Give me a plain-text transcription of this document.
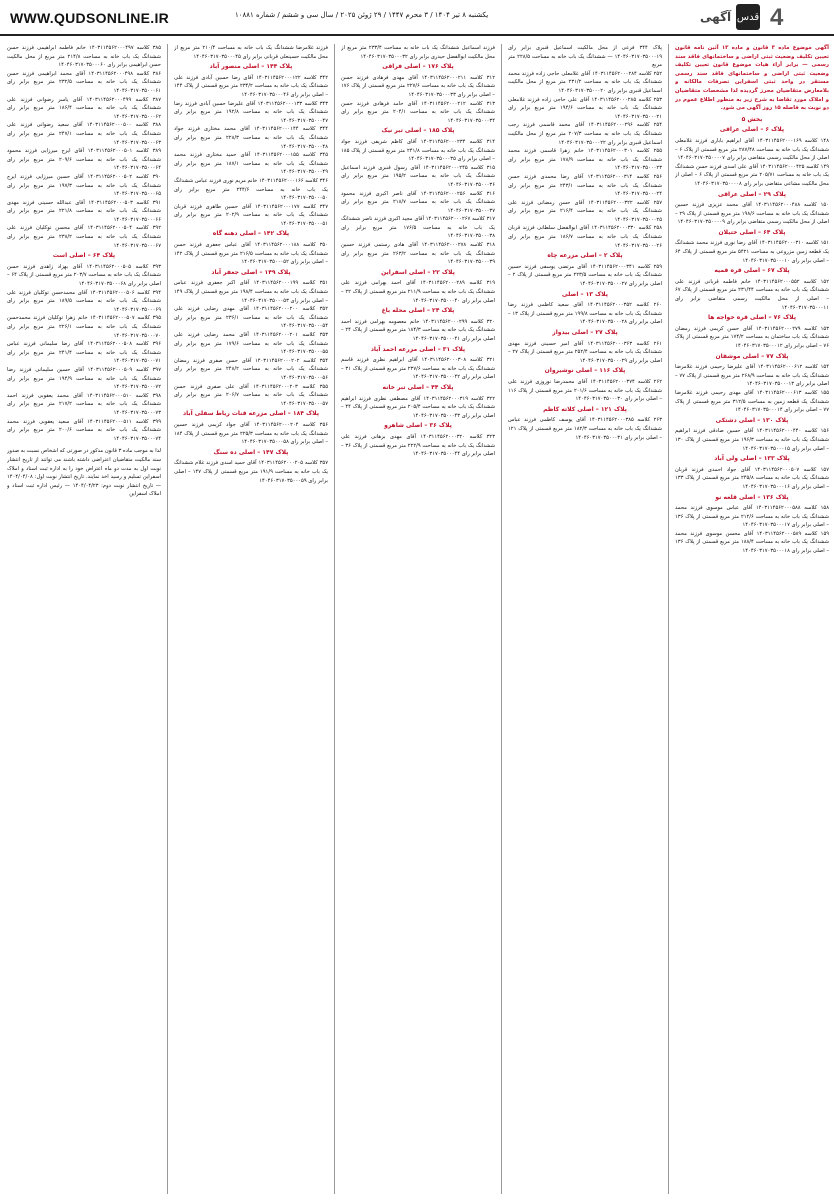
WWW.QUDSONLINE.IR	یکشنبه ۸ تیر ۱۴۰۴ / ۳ محرم ۱۴۴۷ / ۲۹ ژوئن ۲۰۲۵ / سال سی و ششم / شماره ۱۰۸۸۱	آگهی قدس 4
آگهی موضوع ماده ۳ قانون و ماده ۱۳ آئین نامه قانون تعیین تکلیف وضعیت ثبتی اراضی و ساختمانهای فاقد سند رسمی — برابر آراء هیات موضوع قانون تعیین تکلیف وضعیت ثبتی اراضی و ساختمانهای فاقد سند رسمی مستقر در واحد ثبتی اسفراین تصرفات مالکانه و بلامعارض متقاضیان محرز گردیده لذا مشخصات متقاضیان و املاک مورد تقاضا به شرح زیر به منظور اطلاع عموم در دو نوبت به فاصله ۱۵ روز آگهی می شود.

بخش ۵

پلاک ۶ – اصلی عراقی

۱۴۸ کلاسه ۱۴۰۳۱۱۴۵۶۲۰۰۰۱۶۹ آقای ابراهیم باباری فرزند غلامعلی ششدانگ یک باب خانه به مساحت ۲۸۷/۴۸ متر مربع قسمتی از پلاک ۶ – اصلی از محل مالکیت رسمی متقاضی برابر رای ۱۴۰۴۶۰۳۱۷۰۳۵۰۰۰۰۷

۱۴۹ کلاسه ۱۴۰۳۱۱۴۵۶۲۰۰۰۴۲۵ آقای علی اسدی فرزند حسن ششدانگ یک باب خانه به مساحت ۲۰۵/۷۱ متر مربع قسمتی از پلاک ۶ – اصلی از محل مالکیت مشاعی متقاضی برابر رای ۱۴۰۴۶۰۳۱۷۰۳۵۰۰۰۰۸

پلاک ۲۹ – اصلی عراقی

۱۵۰ کلاسه ۱۴۰۳۱۱۴۵۶۲۰۰۰۴۸۸ آقای محمد عزیزی فرزند حسین ششدانگ یک باب خانه به مساحت ۱۹۸/۶ متر مربع قسمتی از پلاک ۲۹ – اصلی از محل مالکیت رسمی متقاضی برابر رای ۱۴۰۴۶۰۳۱۷۰۳۵۰۰۰۰۹

پلاک ۶۴ – اصلی ختیلان

۱۵۱ کلاسه ۱۴۰۳۱۱۴۵۶۲۰۰۰۳۱۰ آقای رضا نوری فرزند محمد ششدانگ یک قطعه زمین مزروعی به مساحت ۵۴۲۱ متر مربع قسمتی از پلاک ۶۴ – اصلی برابر رای ۱۴۰۴۶۰۳۱۷۰۳۵۰۰۰۱۰

پلاک ۶۷ – اصلی قره قمیه

۱۵۲ کلاسه ۱۴۰۳۱۱۴۵۶۲۰۰۰۵۵۲ خانم فاطمه قربانی فرزند علی ششدانگ یک باب خانه به مساحت ۲۳۱/۴۴ متر مربع قسمتی از پلاک ۶۷ – اصلی از محل مالکیت رسمی متقاضی برابر رای ۱۴۰۴۶۰۳۱۷۰۳۵۰۰۰۱۱

پلاک ۷۶ – اصلی قره خواجه ها

۱۵۳ کلاسه ۱۴۰۳۱۱۴۵۶۲۰۰۰۲۷۹ آقای حسن کریمی فرزند رمضان ششدانگ یک باب ساختمان به مساحت ۱۷۴/۲ متر مربع قسمتی از پلاک ۷۶ – اصلی برابر رای ۱۴۰۴۶۰۳۱۷۰۳۵۰۰۰۱۲

پلاک ۷۷ – اصلی موشقان

۱۵۴ کلاسه ۱۴۰۳۱۱۴۵۶۲۰۰۰۶۱۲ آقای علیرضا رحیمی فرزند غلامرضا ششدانگ یک باب خانه به مساحت ۲۶۸/۹ متر مربع قسمتی از پلاک ۷۷ – اصلی برابر رای ۱۴۰۴۶۰۳۱۷۰۳۵۰۰۰۱۳

۱۵۵ کلاسه ۱۴۰۳۱۱۴۵۶۲۰۰۰۶۱۳ آقای مهدی رحیمی فرزند غلامرضا ششدانگ یک قطعه زمین به مساحت ۳۱۲/۵ متر مربع قسمتی از پلاک ۷۷ – اصلی برابر رای ۱۴۰۴۶۰۳۱۷۰۳۵۰۰۰۱۴

پلاک ۱۳۰ – اصلی دشتکی

۱۵۶ کلاسه ۱۴۰۳۱۱۴۵۶۲۰۰۰۴۴۰ آقای حسین صادقی فرزند ابراهیم ششدانگ یک باب خانه به مساحت ۱۹۶/۳ متر مربع قسمتی از پلاک ۱۳۰ – اصلی برابر رای ۱۴۰۴۶۰۳۱۷۰۳۵۰۰۰۱۵

پلاک ۱۳۳ – اصلی ولی آباد

۱۵۷ کلاسه ۱۴۰۳۱۱۴۵۶۲۰۰۰۵۰۷ آقای جواد احمدی فرزند قربان ششدانگ یک باب خانه به مساحت ۲۴۵/۸ متر مربع قسمتی از پلاک ۱۳۳ – اصلی برابر رای ۱۴۰۴۶۰۳۱۷۰۳۵۰۰۰۱۶

پلاک ۱۳۶ – اصلی قلعه نو

۱۵۸ کلاسه ۱۴۰۳۱۱۴۵۶۲۰۰۰۵۸۸ آقای عباس موسوی فرزند محمد ششدانگ یک باب خانه به مساحت ۲۱۲/۶ متر مربع قسمتی از پلاک ۱۳۶ – اصلی برابر رای ۱۴۰۴۶۰۳۱۷۰۳۵۰۰۰۱۷

۱۵۹ کلاسه ۱۴۰۳۱۱۴۵۶۲۰۰۰۵۸۹ آقای محسن موسوی فرزند محمد ششدانگ یک باب خانه به مساحت ۱۸۸/۴ متر مربع قسمتی از پلاک ۱۳۶ – اصلی برابر رای ۱۴۰۴۶۰۳۱۷۰۳۵۰۰۰۱۸

پلاک ۳۴۴ فرعی از محل مالکیت اسماعیل قنبری برابر رای ۱۴۰۴۶۰۳۱۷۰۳۵۰۰۰۱۹ — ششدانگ یک باب خانه به مساحت ۲۲۸/۵ متر مربع

۲۵۲ کلاسه ۱۴۰۳۱۱۴۵۶۲۰۰۰۲۸۴ آقای غلامعلی حاجی زاده فرزند محمد ششدانگ یک باب خانه به مساحت ۲۳۱/۲ متر مربع از محل مالکیت اسماعیل قنبری برابر رای ۱۴۰۴۶۰۳۱۷۰۳۵۰۰۰۲۰

۲۵۳ کلاسه ۱۴۰۳۱۱۴۵۶۲۰۰۰۲۸۵ آقای علی حاجی زاده فرزند غلامعلی ششدانگ یک باب خانه به مساحت ۱۹۴/۶ متر مربع برابر رای ۱۴۰۴۶۰۳۱۷۰۳۵۰۰۰۲۱

۲۵۴ کلاسه ۱۴۰۳۱۱۴۵۶۲۰۰۰۲۹۶ آقای محمد قاسمی فرزند رجب ششدانگ یک باب خانه به مساحت ۲۰۷/۳ متر مربع از محل مالکیت اسماعیل قنبری برابر رای ۱۴۰۴۶۰۳۱۷۰۳۵۰۰۰۲۲

۲۵۵ کلاسه ۱۴۰۳۱۱۴۵۶۲۰۰۰۳۰۱ خانم زهرا قاسمی فرزند محمد ششدانگ یک باب خانه به مساحت ۱۷۸/۹ متر مربع برابر رای ۱۴۰۴۶۰۳۱۷۰۳۵۰۰۰۲۳

۲۵۶ کلاسه ۱۴۰۳۱۱۴۵۶۲۰۰۰۳۱۴ آقای رضا محمدی فرزند حسن ششدانگ یک باب خانه به مساحت ۲۴۳/۱ متر مربع برابر رای ۱۴۰۴۶۰۳۱۷۰۳۵۰۰۰۲۴

۲۵۷ کلاسه ۱۴۰۳۱۱۴۵۶۲۰۰۰۳۲۲ آقای حسن رمضانی فرزند علی ششدانگ یک باب خانه به مساحت ۲۱۶/۴ متر مربع برابر رای ۱۴۰۴۶۰۳۱۷۰۳۵۰۰۰۲۵

۲۵۸ کلاسه ۱۴۰۳۱۱۴۵۶۲۰۰۰۳۳۰ آقای ابوالفضل سلطانی فرزند قربان ششدانگ یک باب خانه به مساحت ۱۸۶/۷ متر مربع برابر رای ۱۴۰۴۶۰۳۱۷۰۳۵۰۰۰۲۶

پلاک ۲ – اصلی مزرعه چاه

۲۵۹ کلاسه ۱۴۰۳۱۱۴۵۶۲۰۰۰۳۴۱ آقای مرتضی یوسفی فرزند حسین ششدانگ یک باب خانه به مساحت ۲۲۳/۵ متر مربع قسمتی از پلاک ۲ – اصلی برابر رای ۱۴۰۴۶۰۳۱۷۰۳۵۰۰۰۲۷

پلاک ۱۳ – اصلی

۲۶۰ کلاسه ۱۴۰۳۱۱۴۵۶۲۰۰۰۳۵۲ آقای سعید کاظمی فرزند رضا ششدانگ یک باب خانه به مساحت ۱۹۹/۸ متر مربع قسمتی از پلاک ۱۳ – اصلی برابر رای ۱۴۰۴۶۰۳۱۷۰۳۵۰۰۰۲۸

پلاک ۲۷ – اصلی بیدواز

۲۶۱ کلاسه ۱۴۰۳۱۱۴۵۶۲۰۰۰۳۶۳ آقای امیر حسینی فرزند مهدی ششدانگ یک باب خانه به مساحت ۲۵۲/۴ متر مربع قسمتی از پلاک ۲۷ – اصلی برابر رای ۱۴۰۴۶۰۳۱۷۰۳۵۰۰۰۲۹

پلاک ۱۱۶ – اصلی نوشیروان

۲۶۲ کلاسه ۱۴۰۳۱۱۴۵۶۲۰۰۰۳۷۴ آقای محمدرضا نوروزی فرزند علی ششدانگ یک باب خانه به مساحت ۲۰۱/۶ متر مربع قسمتی از پلاک ۱۱۶ – اصلی برابر رای ۱۴۰۴۶۰۳۱۷۰۳۵۰۰۰۳۰

پلاک ۱۲۱ – اصلی کلاته کاظم

۲۶۳ کلاسه ۱۴۰۳۱۱۴۵۶۲۰۰۰۳۸۵ آقای یوسف کاظمی فرزند عباس ششدانگ یک باب خانه به مساحت ۱۸۲/۳ متر مربع قسمتی از پلاک ۱۲۱ – اصلی برابر رای ۱۴۰۴۶۰۳۱۷۰۳۵۰۰۰۳۱

فرزند اسماعیل ششدانگ یک باب خانه به مساحت ۲۳۳/۴ متر مربع از محل مالکیت ابوالفضل حیدری برابر رای ۱۴۰۴۶۰۳۱۷۰۳۵۰۰۰۳۲

پلاک ۱۷۶ – اصلی فراقی

۳۱۲ کلاسه ۱۴۰۳۱۱۴۵۶۲۰۰۰۲۱۱ آقای مهدی فرهادی فرزند حسن ششدانگ یک باب خانه به مساحت ۲۲۷/۶ متر مربع قسمتی از پلاک ۱۷۶ – اصلی برابر رای ۱۴۰۴۶۰۳۱۷۰۳۵۰۰۰۳۳

۳۱۳ کلاسه ۱۴۰۳۱۱۴۵۶۲۰۰۰۲۱۲ آقای حامد فرهادی فرزند حسن ششدانگ یک باب خانه به مساحت ۲۰۴/۱ متر مربع برابر رای ۱۴۰۴۶۰۳۱۷۰۳۵۰۰۰۳۴

پلاک ۱۸۵ – اصلی تبر نیک

۳۱۴ کلاسه ۱۴۰۳۱۱۴۵۶۲۰۰۰۲۳۴ آقای کاظم شریفی فرزند جواد ششدانگ یک باب خانه به مساحت ۲۴۱/۸ متر مربع قسمتی از پلاک ۱۸۵ – اصلی برابر رای ۱۴۰۴۶۰۳۱۷۰۳۵۰۰۰۳۵

۳۱۵ کلاسه ۱۴۰۳۱۱۴۵۶۲۰۰۰۲۴۵ آقای رسول قنبری فرزند اسماعیل ششدانگ یک باب خانه به مساحت ۱۹۵/۲ متر مربع برابر رای ۱۴۰۴۶۰۳۱۷۰۳۵۰۰۰۳۶

۳۱۶ کلاسه ۱۴۰۳۱۱۴۵۶۲۰۰۰۲۵۶ آقای ناصر اکبری فرزند محمود ششدانگ یک باب خانه به مساحت ۲۱۸/۷ متر مربع برابر رای ۱۴۰۴۶۰۳۱۷۰۳۵۰۰۰۳۷

۳۱۷ کلاسه ۱۴۰۳۱۱۴۵۶۲۰۰۰۲۶۷ آقای مجید اکبری فرزند ناصر ششدانگ یک باب خانه به مساحت ۱۷۶/۵ متر مربع برابر رای ۱۴۰۴۶۰۳۱۷۰۳۵۰۰۰۳۸

۳۱۸ کلاسه ۱۴۰۳۱۱۴۵۶۲۰۰۰۲۷۸ آقای هادی رستمی فرزند حسین ششدانگ یک باب خانه به مساحت ۲۶۳/۲ متر مربع برابر رای ۱۴۰۴۶۰۳۱۷۰۳۵۰۰۰۳۹

پلاک ۲۲ – اصلی اسفراین

۳۱۹ کلاسه ۱۴۰۳۱۱۴۵۶۲۰۰۰۲۸۹ آقای احمد بهرامی فرزند علی ششدانگ یک باب خانه به مساحت ۲۱۱/۹ متر مربع قسمتی از پلاک ۲۲ – اصلی برابر رای ۱۴۰۴۶۰۳۱۷۰۳۵۰۰۰۴۰

پلاک ۲۴ – اصلی محله باغ

۳۲۰ کلاسه ۱۴۰۳۱۱۴۵۶۲۰۰۰۲۹۹ خانم معصومه بهرامی فرزند احمد ششدانگ یک باب خانه به مساحت ۱۸۴/۳ متر مربع قسمتی از پلاک ۲۴ – اصلی برابر رای ۱۴۰۴۶۰۳۱۷۰۳۵۰۰۰۴۱

پلاک ۳۱ – اصلی مزرعه احمد آباد

۳۲۱ کلاسه ۱۴۰۳۱۱۴۵۶۲۰۰۰۳۰۸ آقای ابراهیم نظری فرزند قاسم ششدانگ یک باب خانه به مساحت ۲۳۷/۶ متر مربع قسمتی از پلاک ۳۱ – اصلی برابر رای ۱۴۰۴۶۰۳۱۷۰۳۵۰۰۰۴۲

پلاک ۴۴ – اصلی تبر خانه

۳۲۲ کلاسه ۱۴۰۳۱۱۴۵۶۲۰۰۰۳۱۹ آقای مصطفی نظری فرزند ابراهیم ششدانگ یک باب خانه به مساحت ۲۰۵/۴ متر مربع قسمتی از پلاک ۴۴ – اصلی برابر رای ۱۴۰۴۶۰۳۱۷۰۳۵۰۰۰۴۳

پلاک ۳۶ – اصلی شاهرو

۳۲۳ کلاسه ۱۴۰۳۱۱۴۵۶۲۰۰۰۳۲۰ آقای مهدی برهانی فرزند علی ششدانگ یک باب خانه به مساحت ۲۲۲/۹ متر مربع قسمتی از پلاک ۳۶ – اصلی برابر رای ۱۴۰۴۶۰۳۱۷۰۳۵۰۰۰۴۴

فرزند غلامرضا ششدانگ یک باب خانه به مساحت ۲۱۰/۴ متر مربع از محل مالکیت حسینعلی قربانی برابر رای ۱۴۰۴۶۰۳۱۷۰۳۵۰۰۰۴۵

پلاک ۱۴۴ – اصلی منصور آباد

۳۴۲ کلاسه ۱۴۰۳۱۱۴۵۶۲۰۰۰۱۲۲ آقای رضا حسین آبادی فرزند علی ششدانگ یک باب خانه به مساحت ۲۳۴/۲ متر مربع قسمتی از پلاک ۱۴۴ – اصلی برابر رای ۱۴۰۴۶۰۳۱۷۰۳۵۰۰۰۴۶

۳۴۳ کلاسه ۱۴۰۳۱۱۴۵۶۲۰۰۰۱۳۳ آقای علیرضا حسین آبادی فرزند رضا ششدانگ یک باب خانه به مساحت ۱۹۲/۸ متر مربع برابر رای ۱۴۰۴۶۰۳۱۷۰۳۵۰۰۰۴۷

۳۴۴ کلاسه ۱۴۰۳۱۱۴۵۶۲۰۰۰۱۴۴ آقای محمد مختاری فرزند جواد ششدانگ یک باب خانه به مساحت ۲۲۸/۳ متر مربع برابر رای ۱۴۰۴۶۰۳۱۷۰۳۵۰۰۰۴۸

۳۴۵ کلاسه ۱۴۰۳۱۱۴۵۶۲۰۰۰۱۵۵ آقای حمید مختاری فرزند محمد ششدانگ یک باب خانه به مساحت ۱۸۷/۱ متر مربع برابر رای ۱۴۰۴۶۰۳۱۷۰۳۵۰۰۰۴۹

۳۴۶ کلاسه ۱۴۰۳۱۱۴۵۶۲۰۰۰۱۶۶ خانم مریم نوری فرزند عباس ششدانگ یک باب خانه به مساحت ۲۴۴/۶ متر مربع برابر رای ۱۴۰۴۶۰۳۱۷۰۳۵۰۰۰۵۰

۳۴۷ کلاسه ۱۴۰۳۱۱۴۵۶۲۰۰۰۱۷۷ آقای حسین طاهری فرزند قربان ششدانگ یک باب خانه به مساحت ۲۰۲/۹ متر مربع برابر رای ۱۴۰۴۶۰۳۱۷۰۳۵۰۰۰۵۱

پلاک ۱۴۲ – اصلی دهنه گاه

۳۵۰ کلاسه ۱۴۰۳۱۱۴۵۶۲۰۰۰۱۸۸ آقای عباس جعفری فرزند حسن ششدانگ یک باب خانه به مساحت ۲۱۶/۵ متر مربع قسمتی از پلاک ۱۴۲ – اصلی برابر رای ۱۴۰۴۶۰۳۱۷۰۳۵۰۰۰۵۲

پلاک ۱۴۹ – اصلی جعفر آباد

۳۵۱ کلاسه ۱۴۰۳۱۱۴۵۶۲۰۰۰۱۹۹ آقای اکبر جعفری فرزند عباس ششدانگ یک باب خانه به مساحت ۱۹۸/۴ متر مربع قسمتی از پلاک ۱۴۹ – اصلی برابر رای ۱۴۰۴۶۰۳۱۷۰۳۵۰۰۰۵۳

۳۵۲ کلاسه ۱۴۰۳۱۱۴۵۶۲۰۰۰۲۰۰ آقای مهدی رضایی فرزند علی ششدانگ یک باب خانه به مساحت ۲۳۶/۱ متر مربع برابر رای ۱۴۰۴۶۰۳۱۷۰۳۵۰۰۰۵۴

۳۵۳ کلاسه ۱۴۰۳۱۱۴۵۶۲۰۰۰۲۰۱ آقای محمد رضایی فرزند علی ششدانگ یک باب خانه به مساحت ۱۷۹/۶ متر مربع برابر رای ۱۴۰۴۶۰۳۱۷۰۳۵۰۰۰۵۵

۳۵۴ کلاسه ۱۴۰۳۱۱۴۵۶۲۰۰۰۲۰۲ آقای حسن صفری فرزند رمضان ششدانگ یک باب خانه به مساحت ۲۴۸/۲ متر مربع برابر رای ۱۴۰۴۶۰۳۱۷۰۳۵۰۰۰۵۶

۳۵۵ کلاسه ۱۴۰۳۱۱۴۵۶۲۰۰۰۲۰۳ آقای علی صفری فرزند حسن ششدانگ یک باب خانه به مساحت ۲۰۶/۷ متر مربع برابر رای ۱۴۰۴۶۰۳۱۷۰۳۵۰۰۰۵۷

پلاک ۱۸۴ – اصلی مزرعه قنات ریاط سفلی آباد

۳۵۶ کلاسه ۱۴۰۳۱۱۴۵۶۲۰۰۰۲۰۴ آقای جواد کریمی فرزند حسین ششدانگ یک باب خانه به مساحت ۲۲۵/۳ متر مربع قسمتی از پلاک ۱۸۴ – اصلی برابر رای ۱۴۰۴۶۰۳۱۷۰۳۵۰۰۰۵۸

پلاک ۱۴۷ – اصلی ده سنگ

۳۵۷ کلاسه ۱۴۰۳۱۱۴۵۶۲۰۰۰۲۰۵ آقای حمید اسدی فرزند غلام ششدانگ یک باب خانه به مساحت ۱۹۱/۹ متر مربع قسمتی از پلاک ۱۴۷ – اصلی برابر رای ۱۴۰۴۶۰۳۱۷۰۳۵۰۰۰۵۹

۳۸۵ کلاسه ۱۴۰۳۱۱۴۵۶۲۰۰۰۴۹۷ خانم فاطمه ابراهیمی فرزند حسن ششدانگ یک باب خانه به مساحت ۲۱۴/۸ متر مربع از محل مالکیت حسن ابراهیمی برابر رای ۱۴۰۴۶۰۳۱۷۰۳۵۰۰۰۶۰

۳۸۶ کلاسه ۱۴۰۳۱۱۴۵۶۲۰۰۰۴۹۸ آقای محمد ابراهیمی فرزند حسن ششدانگ یک باب خانه به مساحت ۲۳۲/۵ متر مربع برابر رای ۱۴۰۴۶۰۳۱۷۰۳۵۰۰۰۶۱

۳۸۷ کلاسه ۱۴۰۳۱۱۴۵۶۲۰۰۰۴۹۹ آقای یاسر رضوانی فرزند علی ششدانگ یک باب خانه به مساحت ۱۸۶/۴ متر مربع برابر رای ۱۴۰۴۶۰۳۱۷۰۳۵۰۰۰۶۲

۳۸۸ کلاسه ۱۴۰۳۱۱۴۵۶۲۰۰۰۵۰۰ آقای سعید رضوانی فرزند علی ششدانگ یک باب خانه به مساحت ۲۴۷/۱ متر مربع برابر رای ۱۴۰۴۶۰۳۱۷۰۳۵۰۰۰۶۳

۳۸۹ کلاسه ۱۴۰۳۱۱۴۵۶۲۰۰۰۵۰۱ آقای ایرج میرزایی فرزند محمود ششدانگ یک باب خانه به مساحت ۲۰۹/۶ متر مربع برابر رای ۱۴۰۴۶۰۳۱۷۰۳۵۰۰۰۶۴

۳۹۰ کلاسه ۱۴۰۳۱۱۴۵۶۲۰۰۰۵۰۲ آقای حسین میرزایی فرزند ایرج ششدانگ یک باب خانه به مساحت ۱۹۷/۳ متر مربع برابر رای ۱۴۰۴۶۰۳۱۷۰۳۵۰۰۰۶۵

۳۹۱ کلاسه ۱۴۰۳۱۱۴۵۶۲۰۰۰۵۰۳ آقای عبدالله حسینی فرزند مهدی ششدانگ یک باب خانه به مساحت ۲۲۱/۸ متر مربع برابر رای ۱۴۰۴۶۰۳۱۷۰۳۵۰۰۰۶۶

۳۹۲ کلاسه ۱۴۰۳۱۱۴۵۶۲۰۰۰۵۰۴ آقای محسن توکلیان فرزند علی ششدانگ یک باب خانه به مساحت ۲۳۸/۲ متر مربع برابر رای ۱۴۰۴۶۰۳۱۷۰۳۵۰۰۰۶۷

پلاک ۶۴ – اصلی است

۳۹۳ کلاسه ۱۴۰۳۱۱۴۵۶۲۰۰۰۵۰۵ آقای بهزاد زاهدی فرزند حسن ششدانگ یک باب خانه به مساحت ۲۰۳/۷ متر مربع قسمتی از پلاک ۶۴ – اصلی برابر رای ۱۴۰۴۶۰۳۱۷۰۳۵۰۰۰۶۸

۳۹۴ کلاسه ۱۴۰۳۱۱۴۵۶۲۰۰۰۵۰۶ آقای محمدحسن توکلیان فرزند علی ششدانگ یک باب خانه به مساحت ۱۸۹/۵ متر مربع برابر رای ۱۴۰۴۶۰۳۱۷۰۳۵۰۰۰۶۹

۳۹۵ کلاسه ۱۴۰۳۱۱۴۵۶۲۰۰۰۵۰۷ خانم زهرا توکلیان فرزند محمدحسن ششدانگ یک باب خانه به مساحت ۲۲۶/۱ متر مربع برابر رای ۱۴۰۴۶۰۳۱۷۰۳۵۰۰۰۷۰

۳۹۶ کلاسه ۱۴۰۳۱۱۴۵۶۲۰۰۰۵۰۸ آقای رضا سلیمانی فرزند عباس ششدانگ یک باب خانه به مساحت ۲۴۱/۴ متر مربع برابر رای ۱۴۰۴۶۰۳۱۷۰۳۵۰۰۰۷۱

۳۹۷ کلاسه ۱۴۰۳۱۱۴۵۶۲۰۰۰۵۰۹ آقای حسین سلیمانی فرزند رضا ششدانگ یک باب خانه به مساحت ۱۹۴/۹ متر مربع برابر رای ۱۴۰۴۶۰۳۱۷۰۳۵۰۰۰۷۲

۳۹۸ کلاسه ۱۴۰۳۱۱۴۵۶۲۰۰۰۵۱۰ آقای محمد یعقوبی فرزند احمد ششدانگ یک باب خانه به مساحت ۲۱۷/۲ متر مربع برابر رای ۱۴۰۴۶۰۳۱۷۰۳۵۰۰۰۷۳

۳۹۹ کلاسه ۱۴۰۳۱۱۴۵۶۲۰۰۰۵۱۱ آقای سعید یعقوبی فرزند محمد ششدانگ یک باب خانه به مساحت ۲۰۰/۶ متر مربع برابر رای ۱۴۰۴۶۰۳۱۷۰۳۵۰۰۰۷۴

لذا به موجب ماده ۳ قانون مذکور در صورتی که اشخاص نسبت به صدور سند مالکیت متقاضیان اعتراضی داشته باشند می توانند از تاریخ انتشار نوبت اول به مدت دو ماه اعتراض خود را به اداره ثبت اسناد و املاک اسفراین تسلیم و رسید اخذ نمایند. تاریخ انتشار نوبت اول: ۱۴۰۴/۰۴/۰۸ — تاریخ انتشار نوبت دوم: ۱۴۰۴/۰۴/۲۳ — رئیس اداره ثبت اسناد و املاک اسفراین
